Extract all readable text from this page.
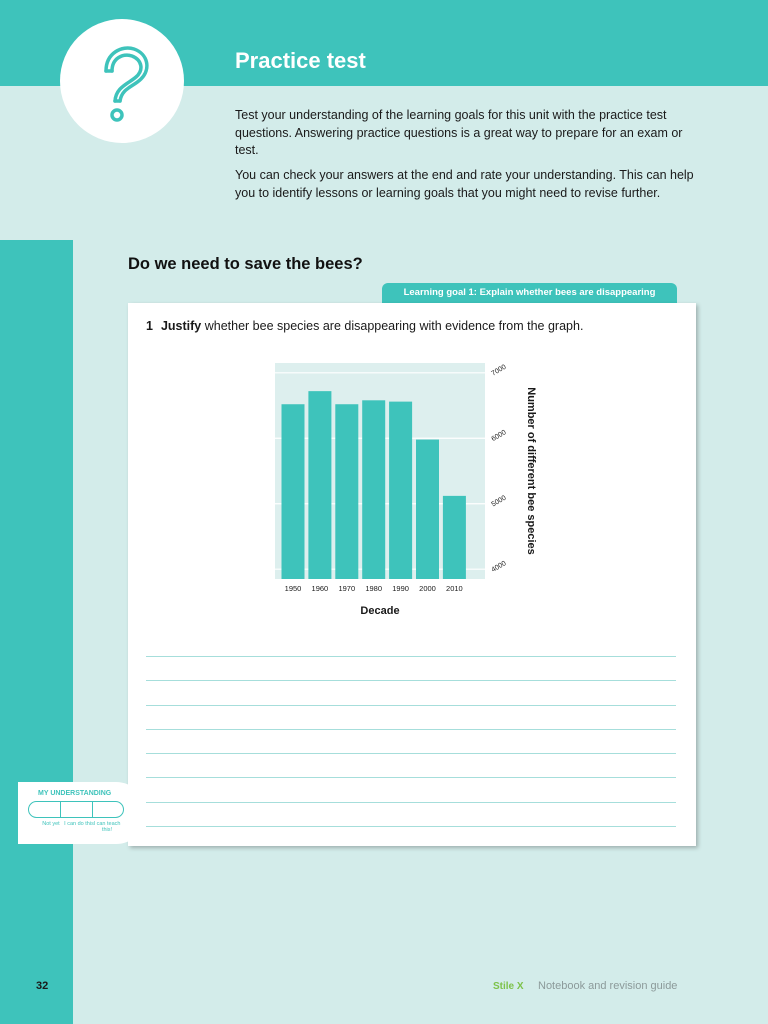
Practice test

Test your understanding of the learning goals for this unit with the practice test questions. Answering practice questions is a great way to prepare for an exam or test.

You can check your answers at the end and rate your understanding. This can help you to identify lessons or learning goals that you might need to revise further.

Do we need to save the bees?
Learning goal 1: Explain whether bees are disappearing
1 Justify whether bee species are disappearing with evidence from the graph.
1950 1960 1970 1980 1990 2000 2010
4000
5000
6000
7000
Decade
Number of different bee species
MY UNDERSTANDING
Not yet I can do this I can teach this!
32	Stile X Notebook and revision guide
